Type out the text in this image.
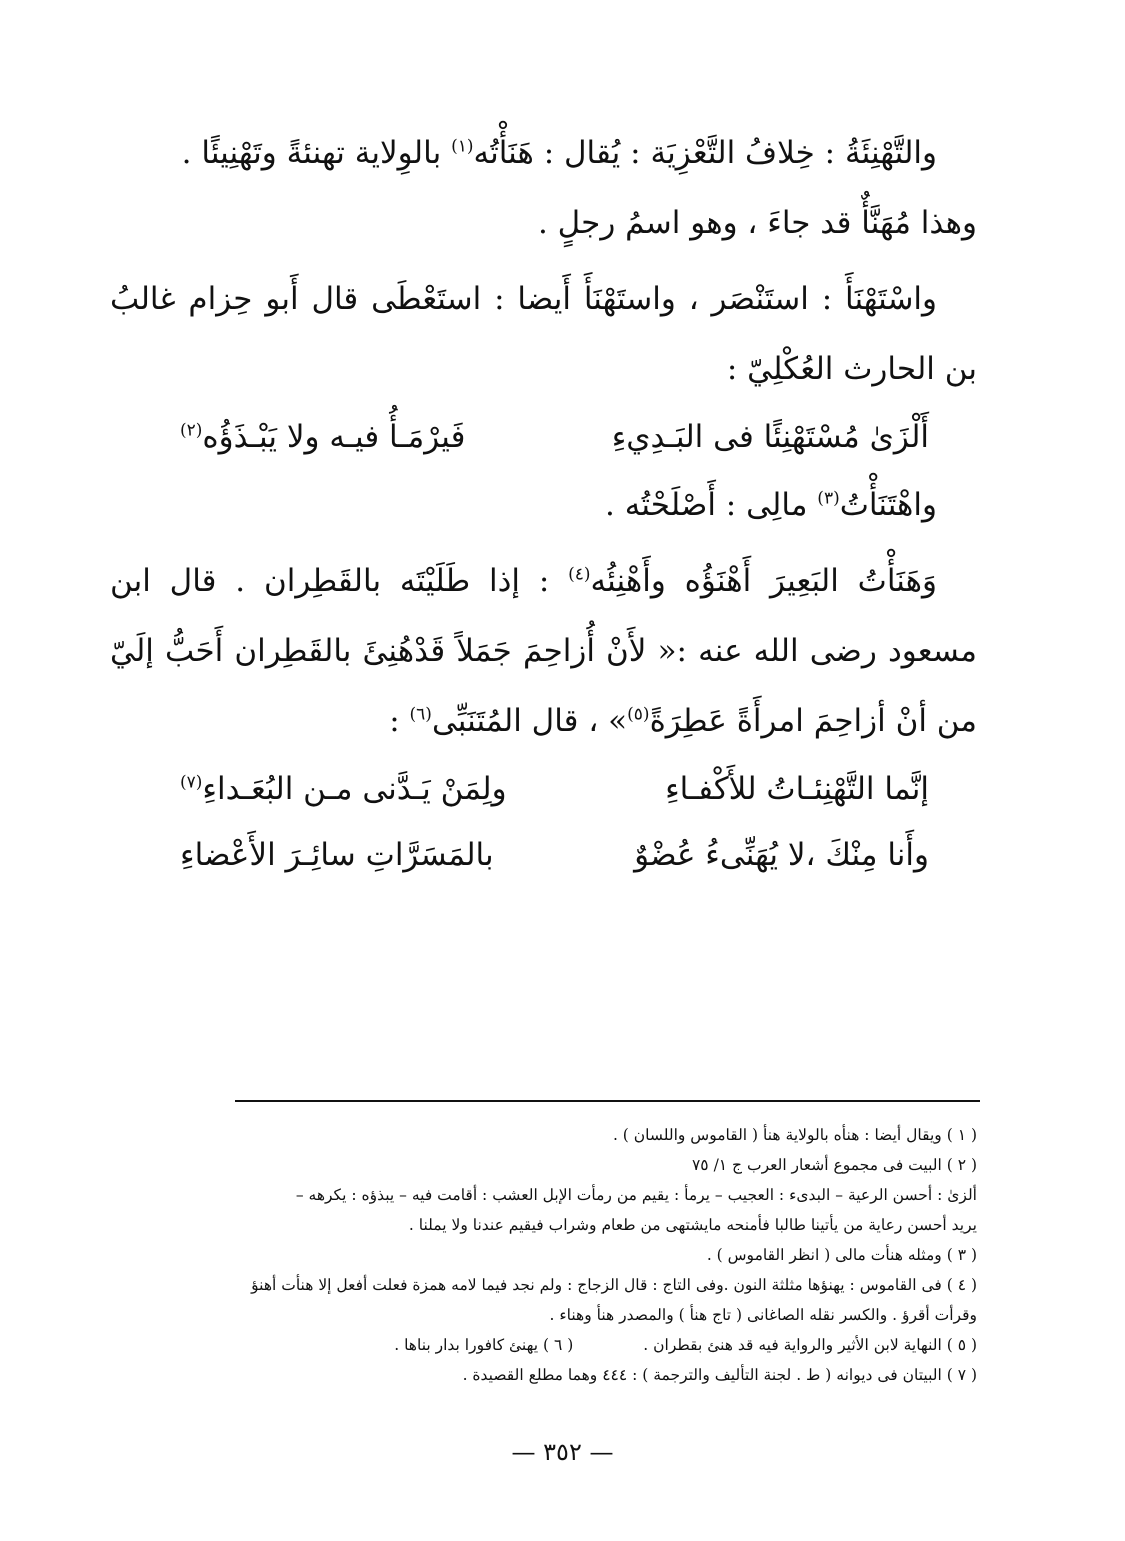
والتَّهْنِئَةُ : خِلافُ التَّعْزِيَة : يُقال : هَنَأْتُه$^{(١)}$ بالوِلاية تهنئةً وتَهْنِيئًا .

وهذا مُهَنَّأٌ قد جاءَ ، وهو اسمُ رجلٍ .

واسْتَهْنَأَ : استَنْصَر ، واستَهْنَأَ أَيضا : استَعْطَى قال أَبو حِزام غالبُ بن الحارث العُكْلِيّ :

أَلْزَىٰ مُسْتَهْنِئًا فى البَـدِيءِ
فَيرْمَـأُ فيـه ولا يَبْـذَؤُه$^{(٢)}$

واهْتَنَأْتُ$^{(٣)}$ مالِى : أَصْلَحْتُه .

وَهَنَأْتُ البَعِيرَ أَهْنَؤُه وأَهْنِئُه$^{(٤)}$ : إذا طَلَيْتَه بالقَطِران . قال ابن مسعود رضى الله عنه :« لأَنْ أُزاحِمَ جَمَلاً قَدْهُنِئَ بالقَطِران أَحَبُّ إلَيّ من أنْ أزاحِمَ امرأَةً عَطِرَةً$^{(٥)}$» ، قال المُتَنَبِّى$^{(٦)}$ :

إنَّما التَّهْنِئـاتُ للأَكْفـاءِ
ولِمَنْ يَـدَّنى مـن البُعَـداءِ$^{(٧)}$
وأَنا مِنْكَ ،لا يُهَنِّىءُ عُضْوٌ
بالمَسَرَّاتِ سائِـرَ الأَعْضاءِ

( ١ ) ويقال أيضا : هنأه بالولاية هنأ ( القاموس واللسان ) .

( ٢ ) البيت فى مجموع أشعار العرب ج ١/ ٧٥

ألزىٰ : أحسن الرعية – البدىء : العجيب – يرمأ : يقيم من رمأت الإبل العشب : أقامت فيه – يبذؤه : يكرهه –

يريد أحسن رعاية من يأتينا طالبا فأمنحه مايشتهى من طعام وشراب فيقيم عندنا ولا يملنا .

( ٣ ) ومثله هنأت مالى ( انظر القاموس ) .

( ٤ ) فى القاموس : يهنؤها مثلثة النون .وفى التاج : قال الزجاج : ولم نجد فيما لامه همزة فعلت أفعل إلا هنأت أهنؤ

وقرأت أقرؤ . والكسر نقله الصاغانى ( تاج هنأ ) والمصدر هنأ وهناء .

( ٥ ) النهاية لابن الأثير والرواية فيه قد هنئ بقطران .
( ٦ ) يهنئ كافورا بدار بناها .

( ٧ ) البيتان فى ديوانه ( ط . لجنة التأليف والترجمة ) : ٤٤٤ وهما مطلع القصيدة .

— ٣٥٢ —
